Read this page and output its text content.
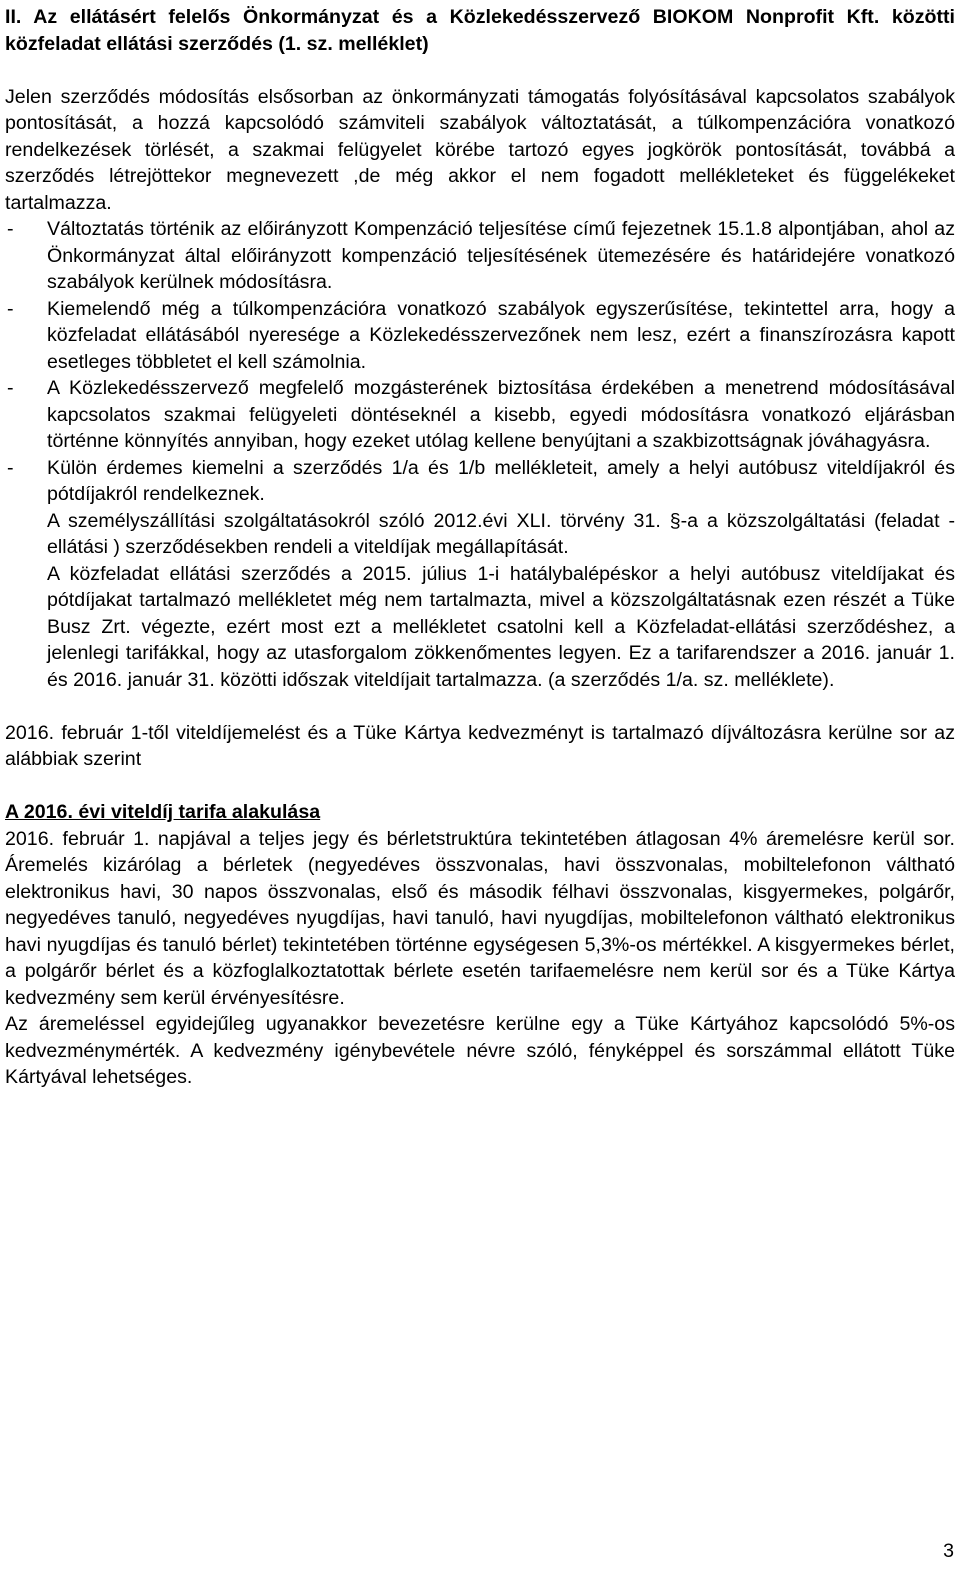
II. Az ellátásért felelős Önkormányzat és a Közlekedésszervező BIOKOM Nonprofit Kft. közötti közfeladat ellátási szerződés (1. sz. melléklet)

Jelen szerződés módosítás elsősorban az önkormányzati támogatás folyósításával kapcsolatos szabályok pontosítását, a hozzá kapcsolódó számviteli szabályok változtatását, a túlkompenzációra vonatkozó rendelkezések törlését, a szakmai felügyelet körébe tartozó egyes jogkörök pontosítását, továbbá a szerződés létrejöttekor megnevezett ,de még akkor el nem fogadott mellékleteket és függelékeket tartalmazza.

- Változtatás történik az előirányzott Kompenzáció teljesítése című fejezetnek 15.1.8 alpontjában, ahol az Önkormányzat által előirányzott kompenzáció teljesítésének ütemezésére és határidejére vonatkozó szabályok kerülnek módosításra.
- Kiemelendő még a túlkompenzációra vonatkozó szabályok egyszerűsítése, tekintettel arra, hogy a közfeladat ellátásából nyeresége a Közlekedésszervezőnek nem lesz, ezért a finanszírozásra kapott esetleges többletet el kell számolnia.
- A Közlekedésszervező megfelelő mozgásterének biztosítása érdekében a menetrend módosításával kapcsolatos szakmai felügyeleti döntéseknél a kisebb, egyedi módosításra vonatkozó eljárásban történne könnyítés annyiban, hogy ezeket utólag kellene benyújtani a szakbizottságnak jóváhagyásra.
- Külön érdemes kiemelni a szerződés 1/a és 1/b mellékleteit, amely a helyi autóbusz viteldíjakról és pótdíjakról rendelkeznek.

A személyszállítási szolgáltatásokról szóló 2012.évi XLI. törvény 31. §-a a közszolgáltatási (feladat -ellátási ) szerződésekben rendeli a viteldíjak megállapítását.

A közfeladat ellátási szerződés a 2015. július 1-i hatálybalépéskor a helyi autóbusz viteldíjakat és pótdíjakat tartalmazó mellékletet még nem tartalmazta, mivel a közszolgáltatásnak ezen részét a Tüke Busz Zrt. végezte, ezért most ezt a mellékletet csatolni kell a Közfeladat-ellátási szerződéshez, a jelenlegi tarifákkal, hogy az utasforgalom zökkenőmentes legyen. Ez a tarifarendszer a 2016. január 1. és 2016. január 31. közötti időszak viteldíjait tartalmazza. (a szerződés 1/a. sz. melléklete).

2016. február 1-től viteldíjemelést és a Tüke Kártya kedvezményt is tartalmazó díjváltozásra kerülne sor az alábbiak szerint

A 2016. évi viteldíj tarifa alakulása

2016. február 1. napjával a teljes jegy és bérletstruktúra tekintetében átlagosan 4% áremelésre kerül sor. Áremelés kizárólag a bérletek (negyedéves összvonalas, havi összvonalas, mobiltelefonon váltható elektronikus havi, 30 napos összvonalas, első és második félhavi összvonalas, kisgyermekes, polgárőr, negyedéves tanuló, negyedéves nyugdíjas, havi tanuló, havi nyugdíjas, mobiltelefonon váltható elektronikus havi nyugdíjas és tanuló bérlet) tekintetében történne egységesen 5,3%-os mértékkel. A kisgyermekes bérlet, a polgárőr bérlet és a közfoglalkoztatottak bérlete esetén tarifaemelésre nem kerül sor és a Tüke Kártya kedvezmény sem kerül érvényesítésre.

Az áremeléssel egyidejűleg ugyanakkor bevezetésre kerülne egy a Tüke Kártyához kapcsolódó 5%-os kedvezménymérték. A kedvezmény igénybevétele névre szóló, fényképpel és sorszámmal ellátott Tüke Kártyával lehetséges.

3
